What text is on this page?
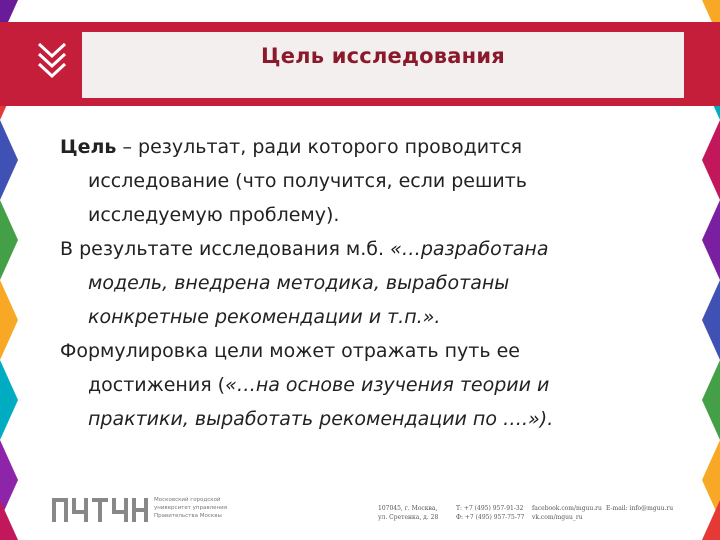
Цель исследования

Цель – результат, ради которого проводится
исследование (что получится, если решить
исследуемую проблему).

В результате исследования м.б. «…разработана
модель, внедрена методика, выработаны
конкретные рекомендации и т.п.».

Формулировка цели может отражать путь ее
достижения («…на основе изучения теории и
практики, выработать рекомендации по ….»).

Московский городской
университет управления
Правительства Москвы
107045, г. Москва,
ул. Сретенка, д. 28
Т: +7 (495) 957-91-32
Ф: +7 (495) 957-75-77
facebook.com/mguu.ru
vk.com/mguu_ru
E-mail: info@mguu.ru
